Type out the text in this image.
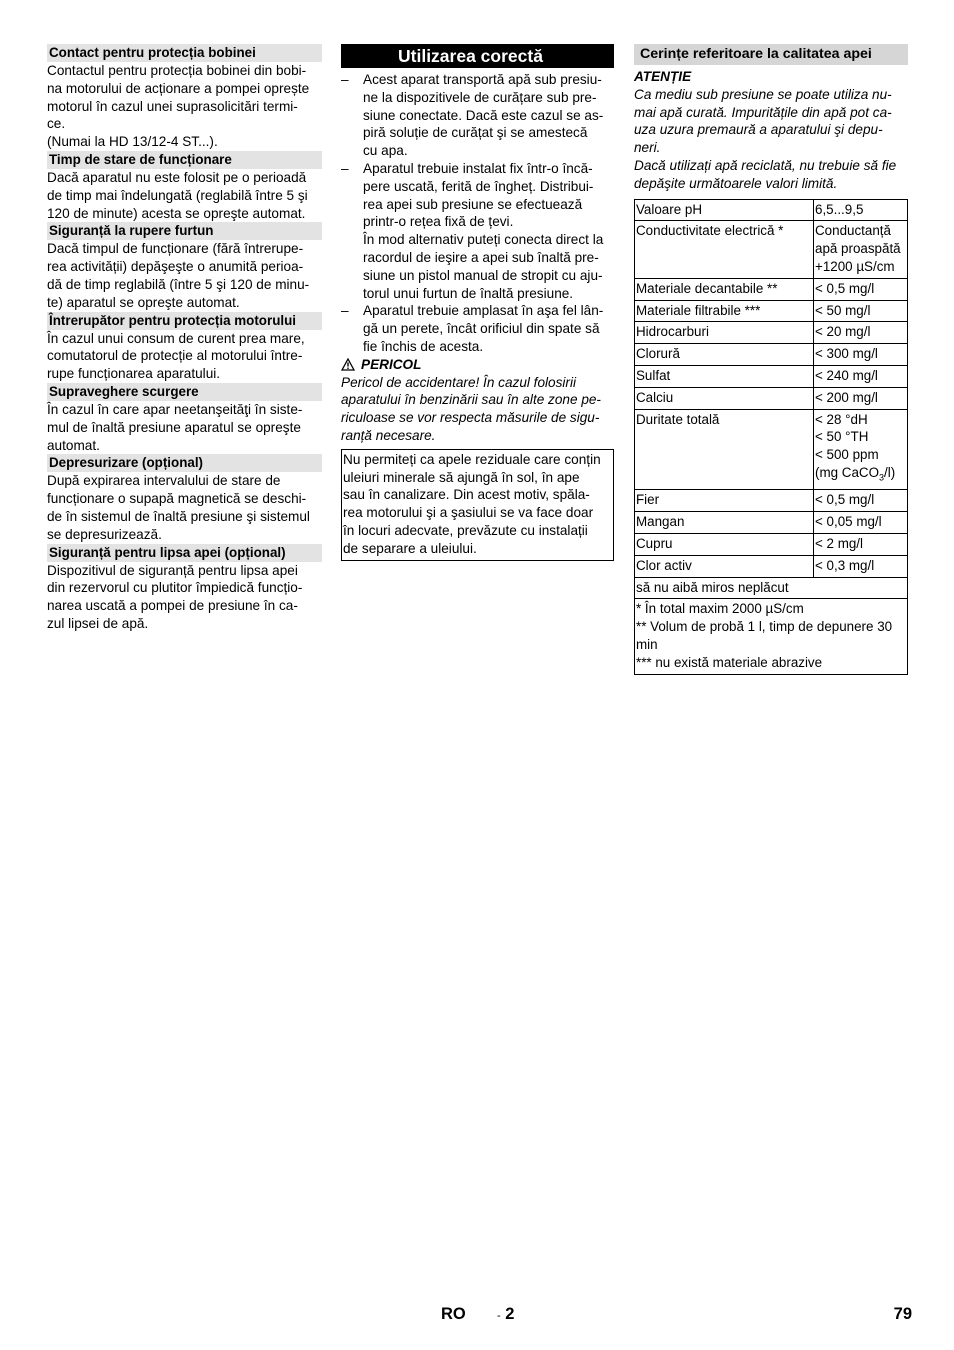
Contact pentru protecția bobinei
Contactul pentru protecția bobinei din bobi-
na motorului de acționare a pompei oprește
motorul în cazul unei suprasolicitări termi-
ce.
(Numai la HD 13/12-4 ST...).
Timp de stare de funcționare
Dacă aparatul nu este folosit pe o perioadă
de timp mai îndelungată (reglabilă între 5 şi
120 de minute) acesta se opreşte automat.
Siguranță la rupere furtun
Dacă timpul de funcționare (fără întrerupe-
rea activității) depăşeşte o anumită perioa-
dă de timp reglabilă (între 5 şi 120 de minu-
te) aparatul se opreşte automat.
Întrerupător pentru protecția motorului
În cazul unui consum de curent prea mare,
comutatorul de protecție al motorului între-
rupe funcționarea aparatului.
Supraveghere scurgere
În cazul în care apar neetanşeităţi în siste-
mul de înaltă presiune aparatul se opreşte
automat.
Depresurizare (opțional)
După expirarea intervalului de stare de
funcționare o supapă magnetică se deschi-
de în sistemul de înaltă presiune şi sistemul
se depresurizează.
Siguranță pentru lipsa apei (opțional)
Dispozitivul de siguranță pentru lipsa apei
din rezervorul cu plutitor împiedică funcțio-
narea uscată a pompei de presiune în ca-
zul lipsei de apă.
Utilizarea corectă
– Acest aparat transportă apă sub presiu-
ne la dispozitivele de curățare sub pre-
siune conectate. Dacă este cazul se as-
piră soluție de curățat şi se amestecă
cu apa.
– Aparatul trebuie instalat fix într-o încă-
pere uscată, ferită de îngheț. Distribui-
rea apei sub presiune se efectuează
printr-o rețea fixă de țevi.
În mod alternativ puteți conecta direct la
racordul de ieşire a apei sub înaltă pre-
siune un pistol manual de stropit cu aju-
torul unui furtun de înaltă presiune.
– Aparatul trebuie amplasat în aşa fel lân-
gă un perete, încât orificiul din spate să
fie închis de acesta.
PERICOL
Pericol de accidentare! În cazul folosirii
aparatului în benzinării sau în alte zone pe-
riculoase se vor respecta măsurile de sigu-
ranță necesare.
Nu permiteți ca apele reziduale care conțin
uleiuri minerale să ajungă în sol, în ape
sau în canalizare. Din acest motiv, spăla-
rea motorului şi a şasiului se va face doar
în locuri adecvate, prevăzute cu instalații
de separare a uleiului.
Cerințe referitoare la calitatea apei
ATENȚIE
Ca mediu sub presiune se poate utiliza nu-
mai apă curată. Impuritățile din apă pot ca-
uza uzura premaură a aparatului şi depu-
neri.
Dacă utilizați apă reciclată, nu trebuie să fie
depăşite următoarele valori limită.
Valoare pH	6,5...9,5
Conductivitate electrică *	Conductanță
apă proaspătă
+1200 µS/cm
Materiale decantabile **	< 0,5 mg/l
Materiale filtrabile ***	< 50 mg/l
Hidrocarburi	< 20 mg/l
Clorură	< 300 mg/l
Sulfat	< 240 mg/l
Calciu	< 200 mg/l
Duritate totală	< 28 °dH
< 50 °TH
< 500 ppm
(mg CaCO$_3$/l)

Fier	< 0,5 mg/l
Mangan	< 0,05 mg/l
Cupru	< 2 mg/l
Clor activ	< 0,3 mg/l
să nu aibă miros neplăcut	
* În total maxim 2000 µS/cm
** Volum de probă 1 l, timp de depunere 30
min
*** nu există materiale abrazive	
RO	- 2	79
